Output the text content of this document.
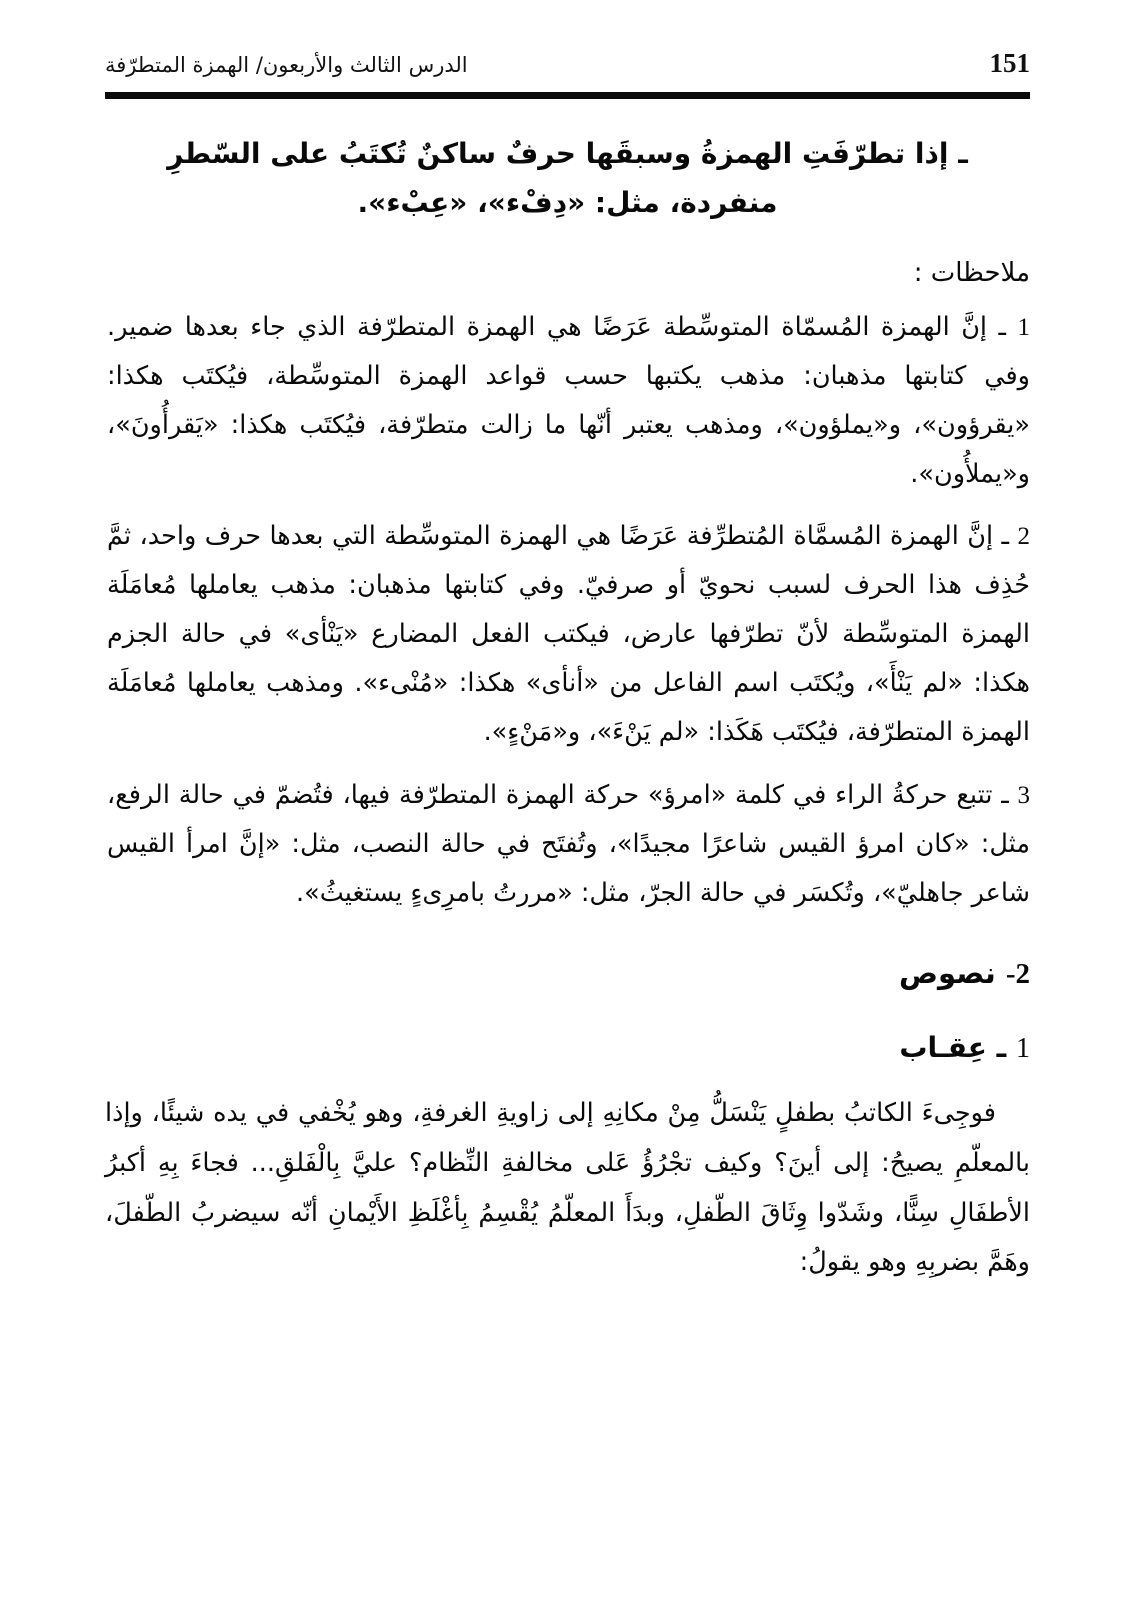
الدرس الثالث والأربعون/ الهمزة المتطرّفة	151

ـ إذا تطرّفَتِ الهمزةُ وسبقَها حرفٌ ساكنٌ تُكتَبُ على السّطرِ
منفردة، مثل: «دِفْء»، «عِبْء».

ملاحظات :

1 ـ إنَّ الهمزة المُسمّاة المتوسِّطة عَرَضًا هي الهمزة المتطرّفة الذي جاء بعدها ضمير. وفي كتابتها مذهبان: مذهب يكتبها حسب قواعد الهمزة المتوسِّطة، فيُكتَب هكذا: «يقرؤون»، و«يملؤون»، ومذهب يعتبر أنّها ما زالت متطرّفة، فيُكتَب هكذا: «يَقرأُونَ»، و«يملأُون».

2 ـ إنَّ الهمزة المُسمَّاة المُتطرِّفة عَرَضًا هي الهمزة المتوسِّطة التي بعدها حرف واحد، ثمَّ حُذِف هذا الحرف لسبب نحويّ أو صرفيّ. وفي كتابتها مذهبان: مذهب يعاملها مُعامَلَة الهمزة المتوسِّطة لأنّ تطرّفها عارض، فيكتب الفعل المضارع «يَنْأى» في حالة الجزم هكذا: «لم يَنْأَ»، ويُكتَب اسم الفاعل من «أنأى» هكذا: «مُنْىء». ومذهب يعاملها مُعامَلَة الهمزة المتطرّفة، فيُكتَب هَكَذا: «لم يَنْءَ»، و«مَنْءٍ».

3 ـ تتبع حركةُ الراء في كلمة «امرؤ» حركة الهمزة المتطرّفة فيها، فتُضمّ في حالة الرفع، مثل: «كان امرؤ القيس شاعرًا مجيدًا»، وتُفتَح في حالة النصب، مثل: «إنَّ امرأ القيس شاعر جاهليّ»، وتُكسَر في حالة الجرّ، مثل: «مررتُ بامرِىءٍ يستغيثُ».

2- نصوص
1 ـ عِقـاب

فوجِىءَ الكاتبُ بطفلٍ يَنْسَلُّ مِنْ مكانِهِ إلى زاويةِ الغرفةِ، وهو يُخْفي في يده شيئًا، وإذا بالمعلّمِ يصيحُ: إلى أينَ؟ وكيف تجْرُؤُ عَلى مخالفةِ النِّظام؟ عليَّ بِالْفَلقِ... فجاءَ بِهِ أكبرُ الأطفَالِ سِنًّا، وشَدّوا وِثَاقَ الطّفلِ، وبدَأَ المعلّمُ يُقْسِمُ بِأغْلَظِ الأَيْمانِ أنّه سيضربُ الطّفلَ، وهَمَّ بضربِهِ وهو يقولُ:
